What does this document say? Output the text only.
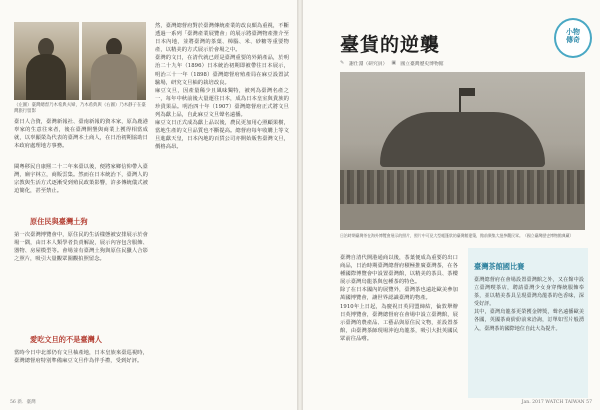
（左圖）臺灣總督乃木希典夫婦，乃木希典與（右圖）乃木靜子在臺灣旅行留影
臺日人合資，臺灣新報社、臺南新報的資本家，原為鹿港辜家的生意往來者，後在臺灣開墾與商業上獲得相當成就，以辜顯榮為代表的臺灣本土商人，在日治初期協助日本政府處理地方事務。
閩粵移民自康熙二十二年來臺以後，便將家鄉信仰帶入臺灣，廟宇林立，商販雲集。然而在日本統治下，臺灣人的宗教與生活方式逐漸受到殖民政策影響，許多傳統儀式被迫簡化，甚至禁止。
原住民與臺灣土狗
第一次臺灣博覽會中，原住民的生活樣態被安排展示於會場一隅，由日本人類學者負責解說，展示內容包含服飾、器物、房屋模型等。會場並有臺灣土狗與原住民獵人合影之照片，吸引大量觀眾圍觀拍照留念。
愛吃文旦的不是臺灣人
當時今日中北部仍有文旦柚產地，日本皇族來臺巡視時，臺灣總督府特別準備麻豆文旦作為伴手禮，受到好評。
然，臺灣總督府對於臺灣傳統產業的改良頗為重視，不斷透過一系列「臺灣產業展覽會」的展示將臺灣物產推介至日本內地，並將臺灣的茶葉、樟腦、米、砂糖等重要物產，以精美的方式展示於會場之中。
臺灣的文日，在清代就已經是臺灣重要的外銷產品，於明治二十九年（1896）日本統治初期即被帶往日本展示，明治三十一年（1898）臺灣總督府殖產局在麻豆設置試驗場，研究文旦柚的栽培改良。
麻豆文旦，因產量稀少且風味獨特，被列為臺灣名產之一，每年中秋前後大量運往日本，成為日本皇室與貴族的珍貴果品。明治四十年（1907）臺灣總督府正式將文旦列為獻上品，自此麻豆文旦聲名遠播。
麻豆文日正式成為獻上品以後，農民更加用心照顧果樹，當地生產的文旦品質也不斷提高。總督府每年收購上等文旦進獻天皇，日本內地的百貨公司亦開始販售臺灣文旦，價格高昂。
56 新．臺灣
臺貨的逆襲
✎ 謝仕淵（研究員） ▣ 國立臺灣歷史博物館
小物
傳奇
日治時期臺灣茶在海外博覽會展示的照片，照片中可見大型帳篷狀的臺灣館建築，館前聚集大批參觀民眾。（國立臺灣歷史博物館典藏）
臺灣自清代開港通商以後，茶葉便成為重要的出口商品，日治時期臺灣總督府積極推廣臺灣茶，在各種國際博覽會中設置臺灣館，以精美的茶具、茶樓展示臺灣烏龍茶與包種茶的特色。
除了在日本國內的展覽外，臺灣茶也遠赴歐美參加萬國博覽會，讓世界認識臺灣的物產。
1910年上日起，為慶祝日英同盟締結，倫敦舉辦日英博覽會，臺灣總督府在會場中設立臺灣館，展示臺灣的農產品、工藝品與原住民文物，並設置茶館，由臺灣茶師現場沖泡烏龍茶，吸引大批英國民眾前往品嚐。
臺灣茶館國比賽
臺灣總督府在會場設置臺灣館之外，又在館中設立臺灣喫茶店，聘請臺灣少女身穿傳統服飾奉茶，並以精美茶具呈現臺灣烏龍茶的色香味，深受好評。
其中，臺灣烏龍茶更榮獲金牌獎，聲名遠播歐美各國，英國茶商紛紛前來洽詢，訂單如雪片般湧入，臺灣茶的國際地位自此大為提升。
Jan. 2017 WATCH TAIWAN 57
